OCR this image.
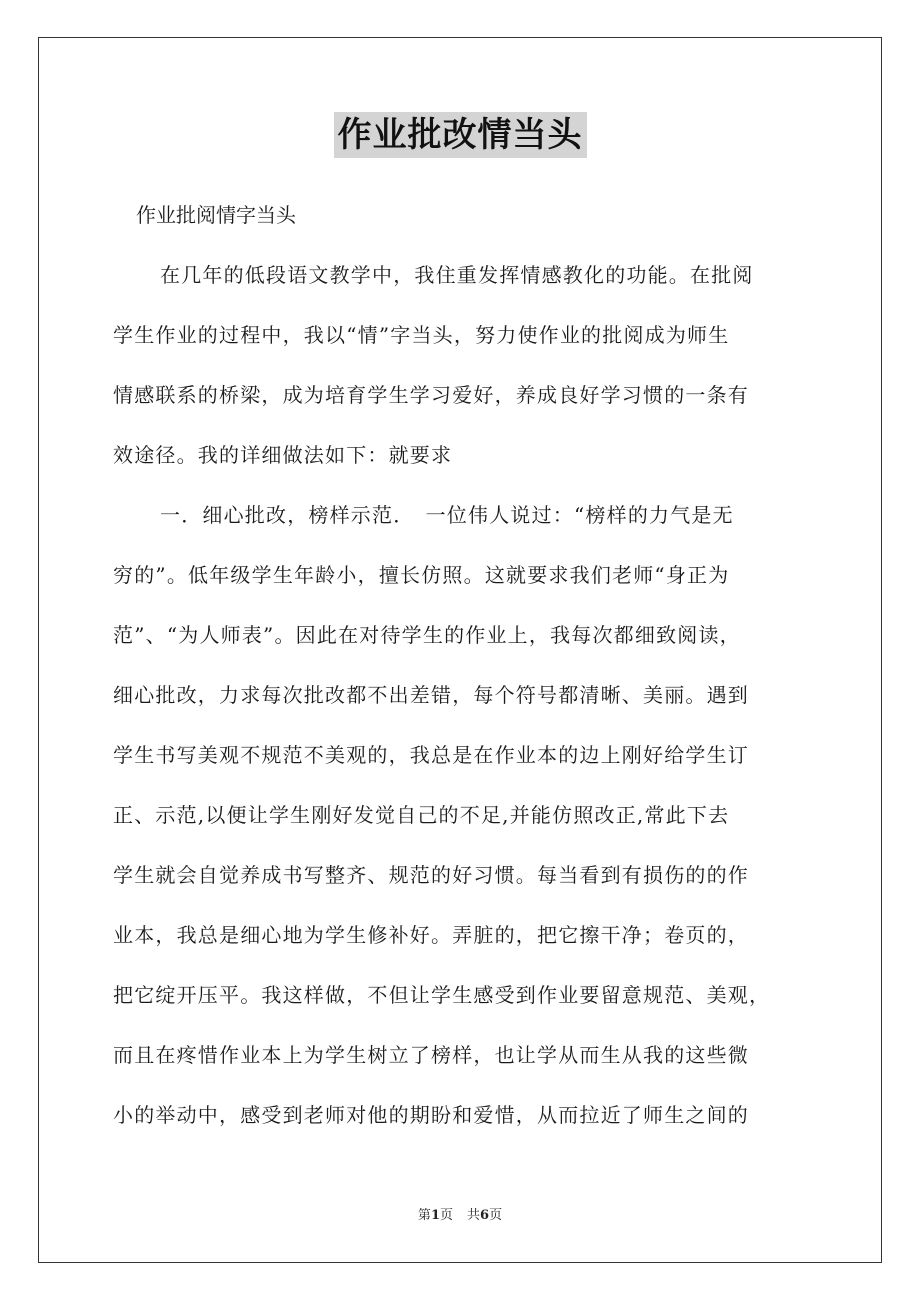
作业批改情当头
作业批阅情字当头
在几年的低段语文教学中，我住重发挥情感教化的功能。在批阅
学生作业的过程中，我以“情”字当头，努力使作业的批阅成为师生
情感联系的桥梁，成为培育学生学习爱好，养成良好学习惯的一条有
效途径。我的详细做法如下：就要求
一．细心批改，榜样示范．　一位伟人说过：“榜样的力气是无
穷的”。低年级学生年龄小，擅长仿照。这就要求我们老师“身正为
范”、“为人师表”。因此在对待学生的作业上，我每次都细致阅读，
细心批改，力求每次批改都不出差错，每个符号都清晰、美丽。遇到
学生书写美观不规范不美观的，我总是在作业本的边上刚好给学生订
正、示范,以便让学生刚好发觉自己的不足,并能仿照改正,常此下去
学生就会自觉养成书写整齐、规范的好习惯。每当看到有损伤的的作
业本，我总是细心地为学生修补好。弄脏的，把它擦干净；卷页的，
把它绽开压平。我这样做，不但让学生感受到作业要留意规范、美观，
而且在疼惜作业本上为学生树立了榜样，也让学从而生从我的这些微
小的举动中，感受到老师对他的期盼和爱惜，从而拉近了师生之间的
第1页 共6页
